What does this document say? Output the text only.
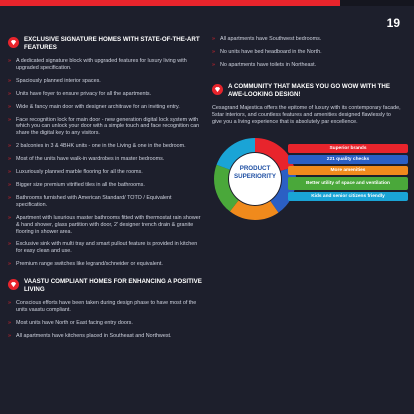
19
EXCLUSIVE SIGNATURE HOMES WITH STATE-OF-THE-ART FEATURES
» A dedicated signature block with upgraded features for luxury living with upgraded specification.
» Spaciously planned interior spaces.
» Units have foyer to ensure privacy for all the apartments.
» Wide & fancy main door with designer architrave for an inviting entry.
» Face recognition lock for main door - new generation digital lock system with which you can unlock your door with a simple touch and face recognition can share the digital key to any visitors.
» 2 balconies in 3 & 4BHK units - one in the Living & one in the bedroom.
» Most of the units have walk-in wardrobes in master bedrooms.
» Luxuriously planned marble flooring for all the rooms.
» Bigger size premium vitrified tiles in all the bathrooms.
» Bathrooms furnished with American Standard/ TOTO / Equivalent specification.
» Apartment with luxurious master bathrooms fitted with thermostat rain shower & hand shower, glass partition with door, 2' designer trench drain & granite flooring in shower area.
» Exclusive sink with multi tray and smart pullout feature is provided in kitchen for easy clean and use.
» Premium range switches like legrand/schneider or equivalent.
VAASTU COMPLIANT HOMES FOR ENHANCING A POSITIVE LIVING
» Conscious efforts have been taken during design phase to have most of the units vaastu compliant.
» Most units have North or East facing entry doors.
» All apartments have kitchens placed in Southeast and Northwest.
» All apartments have Southwest bedrooms.
» No units have bed headboard in the North.
» No apartments have toilets in Northeast.
A COMMUNITY THAT MAKES YOU GO WOW WITH THE AWE-LOOKING DESIGN!

Cesagrand Majestica offers the epitome of luxury with its contemporary facade, 5star interiors, and countless features and amenities designed flawlessly to give you a living experience that is absolutely par excellence.

PRODUCT SUPERIORITY
Superior brands
221 quality checks
More amenities
Better utility of space and ventilation
Kids and senior citizens friendly
